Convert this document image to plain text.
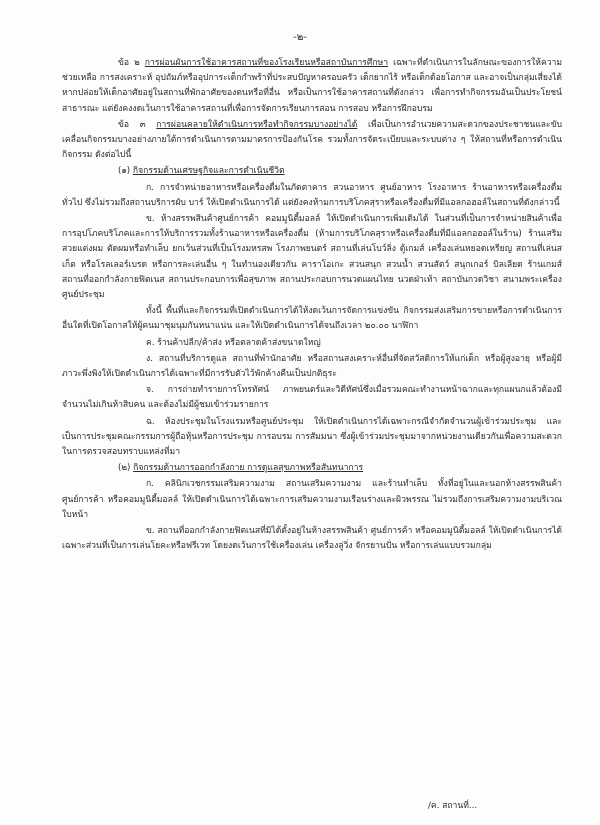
-๒-

ข้อ ๒ การผ่อนผันการใช้อาคารสถานที่ของโรงเรียนหรือสถาบันการศึกษา เฉพาะที่ดำเนินการในลักษณะของการให้ความช่วยเหลือ การสงเคราะห์ อุปถัมภ์หรืออุปการะเด็กกำพร้าที่ประสบปัญหาครอบครัว เด็กยากไร้ หรือเด็กด้อยโอกาส และอาจเป็นกลุ่มเสี่ยงได้หากปล่อยให้เด็กอาศัยอยู่ในสถานที่พักอาศัยของตนหรือที่อื่น หรือเป็นการใช้อาคารสถานที่ดังกล่าว เพื่อการทำกิจกรรมอันเป็นประโยชน์สาธารณะ แต่ยังคงงดเว้นการใช้อาคารสถานที่เพื่อการจัดการเรียนการสอน การสอบ หรือการฝึกอบรม

ข้อ ๓ การผ่อนคลายให้ดำเนินการหรือทำกิจกรรมบางอย่างได้ เพื่อเป็นการอำนวยความสะดวกของประชาชนและขับเคลื่อนกิจกรรมบางอย่างภายใต้การดำเนินการตามมาตรการป้องกันโรค รวมทั้งการจัดระเบียบและระบบต่าง ๆ ให้สถานที่หรือการดำเนินกิจกรรม ดังต่อไปนี้

(๑) กิจกรรมด้านเศรษฐกิจและการดำเนินชีวิต

ก. การจำหน่ายอาหารหรือเครื่องดื่มในภัตตาคาร สวนอาหาร ศูนย์อาหาร โรงอาหาร ร้านอาหารหรือเครื่องดื่มทั่วไป ซึ่งไม่รวมถึงสถานบริการผับ บาร์ ให้เปิดดำเนินการได้ แต่ยังคงห้ามการบริโภคสุราหรือเครื่องดื่มที่มีแอลกอฮอล์ในสถานที่ดังกล่าวนี้

ข. ห้างสรรพสินค้าศูนย์การค้า คอมมูนิตี้มอลล์ ให้เปิดดำเนินการเพิ่มเติมได้ ในส่วนที่เป็นการจำหน่ายสินค้าเพื่อการอุปโภคบริโภคและการให้บริการรวมทั้งร้านอาหารหรือเครื่องดื่ม (ห้ามการบริโภคสุราหรือเครื่องดื่มที่มีแอลกอฮอล์ในร้าน) ร้านเสริมสวยแต่งผม ตัดผมหรือทำเล็บ ยกเว้นส่วนที่เป็นโรงมหรสพ โรงภาพยนตร์ สถานที่เล่นโบว์ลิ่ง ตู้เกมส์ เครื่องเล่นหยอดเหรียญ สถานที่เล่นสเก็ต หรือโรลเลอร์เบรด หรือการละเล่นอื่น ๆ ในทำนองเดียวกัน คาราโอเกะ สวนสนุก สวนน้ำ สวนสัตว์ สนุกเกอร์ บิลเลียด ร้านเกมส์ สถานที่ออกกำลังกายฟิตเนส สถานประกอบการเพื่อสุขภาพ สถานประกอบการนวดแผนไทย นวดฝ่าเท้า สถาบันกวดวิชา สนามพระเครื่อง ศูนย์ประชุม

ทั้งนี้ พื้นที่และกิจกรรมที่เปิดดำเนินการได้ให้งดเว้นการจัดการแข่งขัน กิจกรรมส่งเสริมการขายหรือการดำเนินการอื่นใดที่เปิดโอกาสให้ผู้คนมาชุมนุมกันหนาแน่น และให้เปิดดำเนินการได้จนถึงเวลา ๒๐.๐๐ นาฬิกา

ค. ร้านค้าปลีก/ค้าส่ง หรือตลาดค้าส่งขนาดใหญ่

ง. สถานที่บริการดูแล สถานที่พำนักอาศัย หรือสถานสงเคราะห์อื่นที่จัดสวัสดิการให้แก่เด็ก หรือผู้สูงอายุ หรือผู้มีภาวะพึ่งพิงให้เปิดดำเนินการได้เฉพาะที่มีการรับตัวไว้พักค้างคืนเป็นปกติธุระ

จ. การถ่ายทำรายการโทรทัศน์ ภาพยนตร์และวิดีทัศน์ซึ่งเมื่อรวมคณะทำงานหน้าฉากและทุกแผนกแล้วต้องมีจำนวนไม่เกินห้าสิบคน และต้องไม่มีผู้ชมเข้าร่วมรายการ

ฉ. ห้องประชุมในโรงแรมหรือศูนย์ประชุม ให้เปิดดำเนินการได้เฉพาะกรณีจำกัดจำนวนผู้เข้าร่วมประชุม และเป็นการประชุมคณะกรรมการผู้ถือหุ้นหรือการประชุม การอบรม การสัมมนา ซึ่งผู้เข้าร่วมประชุมมาจากหน่วยงานเดียวกันเพื่อความสะดวกในการตรวจสอบทราบแหล่งที่มา

(๒) กิจกรรมด้านการออกกำลังกาย การดูแลสุขภาพหรือสันทนาการ

ก. คลินิกเวชกรรมเสริมความงาม สถานเสริมความงาม และร้านทำเล็บ ทั้งที่อยู่ในและนอกห้างสรรพสินค้า ศูนย์การค้า หรือคอมมูนิตี้มอลล์ ให้เปิดดำเนินการได้เฉพาะการเสริมความงามเรือนร่างและผิวพรรณ ไม่รวมถึงการเสริมความงามบริเวณใบหน้า

ข. สถานที่ออกกำลังกายฟิตเนสที่มิได้ตั้งอยู่ในห้างสรรพสินค้า ศูนย์การค้า หรือคอมมูนิตี้มอลล์ ให้เปิดดำเนินการได้เฉพาะส่วนที่เป็นการเล่นโยคะหรือฟรีเวท โดยงดเว้นการใช้เครื่องเล่น เครื่องลู่วิ่ง จักรยานปั่น หรือการเล่นแบบรวมกลุ่ม

/ค. สถานที่...
